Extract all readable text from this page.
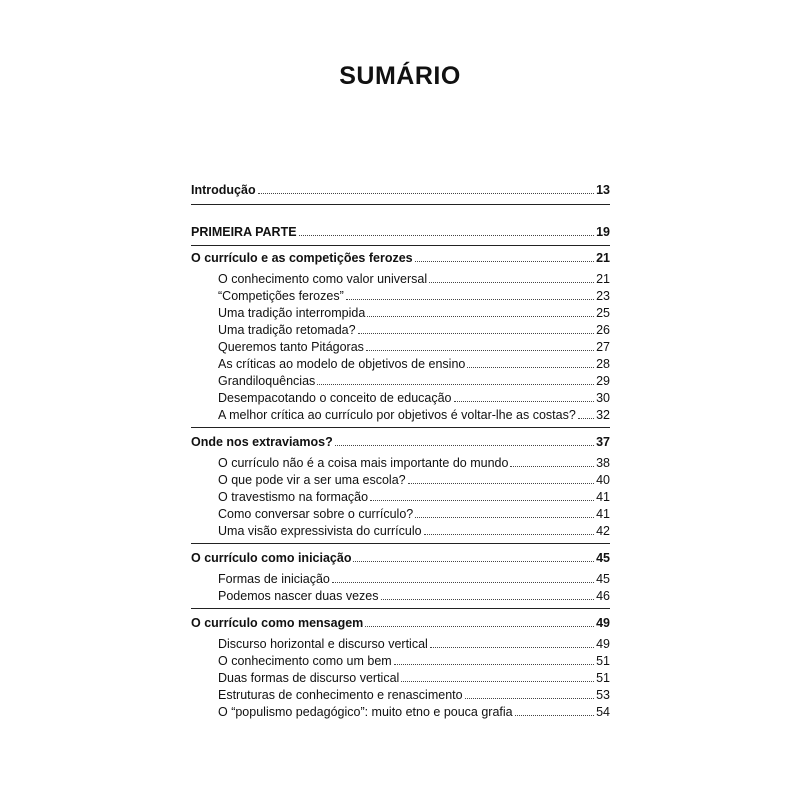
SUMÁRIO
Introdução	13
PRIMEIRA PARTE	19
O currículo e as competições ferozes	21
O conhecimento como valor universal	21
“Competições ferozes”	23
Uma tradição interrompida	25
Uma tradição retomada?	26
Queremos tanto Pitágoras	27
As críticas ao modelo de objetivos de ensino	28
Grandiloquências	29
Desempacotando o conceito de educação	30
A melhor crítica ao currículo por objetivos é voltar-lhe as costas? 32
Onde nos extraviamos?	37
O currículo não é a coisa mais importante do mundo	38
O que pode vir a ser uma escola?	40
O travestismo na formação	41
Como conversar sobre o currículo?	41
Uma visão expressivista do currículo	42
O currículo como iniciação	45
Formas de iniciação	45
Podemos nascer duas vezes	46
O currículo como mensagem	49
Discurso horizontal e discurso vertical	49
O conhecimento como um bem	51
Duas formas de discurso vertical	51
Estruturas de conhecimento e renascimento	53
O “populismo pedagógico”: muito etno e pouca grafia	54
